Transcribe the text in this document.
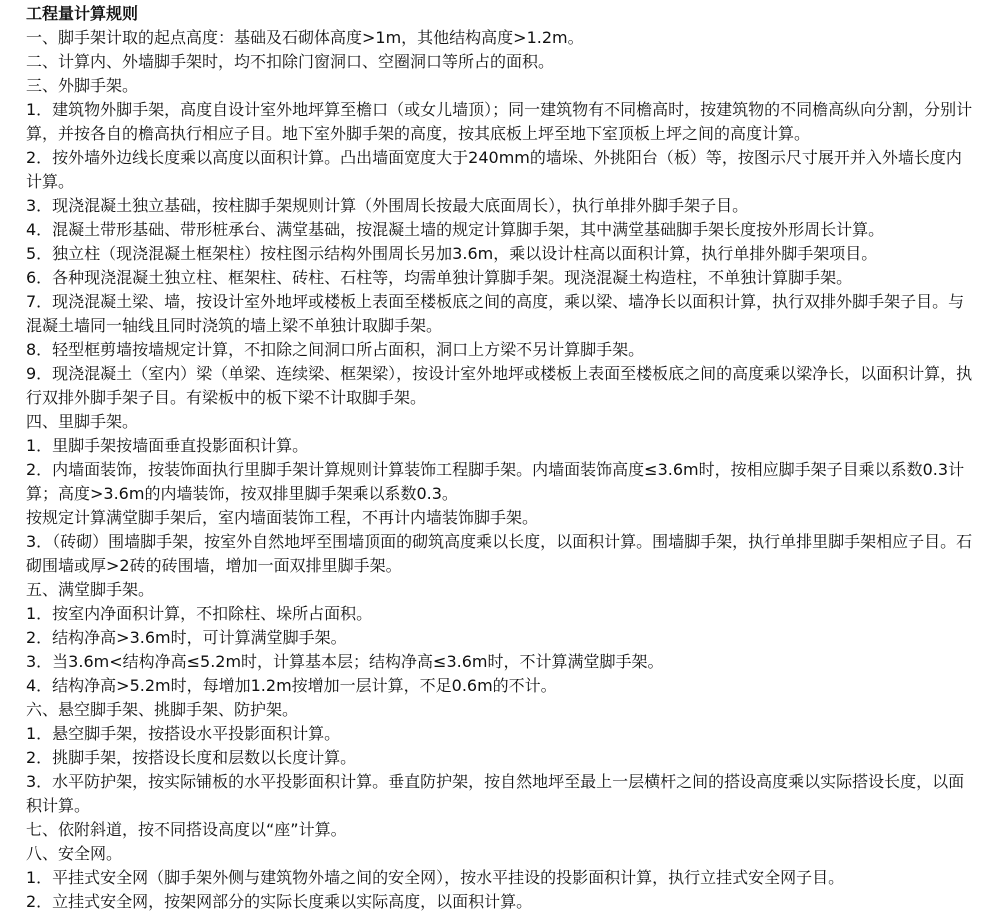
工程量计算规则

一、脚手架计取的起点高度：基础及石砌体高度>1m，其他结构高度>1.2m。

二、计算内、外墙脚手架时，均不扣除门窗洞口、空圈洞口等所占的面积。

三、外脚手架。

1．建筑物外脚手架，高度自设计室外地坪算至檐口（或女儿墙顶）；同一建筑物有不同檐高时，按建筑物的不同檐高纵向分割，分别计算，并按各自的檐高执行相应子目。地下室外脚手架的高度，按其底板上坪至地下室顶板上坪之间的高度计算。

2．按外墙外边线长度乘以高度以面积计算。凸出墙面宽度大于240mm的墙垛、外挑阳台（板）等，按图示尺寸展开并入外墙长度内计算。

3．现浇混凝土独立基础，按柱脚手架规则计算（外围周长按最大底面周长），执行单排外脚手架子目。

4．混凝土带形基础、带形桩承台、满堂基础，按混凝土墙的规定计算脚手架，其中满堂基础脚手架长度按外形周长计算。

5．独立柱（现浇混凝土框架柱）按柱图示结构外围周长另加3.6m，乘以设计柱高以面积计算，执行单排外脚手架项目。

6．各种现浇混凝土独立柱、框架柱、砖柱、石柱等，均需单独计算脚手架。现浇混凝土构造柱，不单独计算脚手架。

7．现浇混凝土梁、墙，按设计室外地坪或楼板上表面至楼板底之间的高度，乘以梁、墙净长以面积计算，执行双排外脚手架子目。与混凝土墙同一轴线且同时浇筑的墙上梁不单独计取脚手架。

8．轻型框剪墙按墙规定计算，不扣除之间洞口所占面积，洞口上方梁不另计算脚手架。

9．现浇混凝土（室内）梁（单梁、连续梁、框架梁），按设计室外地坪或楼板上表面至楼板底之间的高度乘以梁净长，以面积计算，执行双排外脚手架子目。有梁板中的板下梁不计取脚手架。

四、里脚手架。

1．里脚手架按墙面垂直投影面积计算。

2．内墙面装饰，按装饰面执行里脚手架计算规则计算装饰工程脚手架。内墙面装饰高度≤3.6m时，按相应脚手架子目乘以系数0.3计算；高度>3.6m的内墙装饰，按双排里脚手架乘以系数0.3。

按规定计算满堂脚手架后，室内墙面装饰工程，不再计内墙装饰脚手架。

3．（砖砌）围墙脚手架，按室外自然地坪至围墙顶面的砌筑高度乘以长度，以面积计算。围墙脚手架，执行单排里脚手架相应子目。石砌围墙或厚>2砖的砖围墙，增加一面双排里脚手架。

五、满堂脚手架。

1．按室内净面积计算，不扣除柱、垛所占面积。

2．结构净高>3.6m时，可计算满堂脚手架。

3．当3.6m<结构净高≤5.2m时，计算基本层；结构净高≤3.6m时，不计算满堂脚手架。

4．结构净高>5.2m时，每增加1.2m按增加一层计算，不足0.6m的不计。

六、悬空脚手架、挑脚手架、防护架。

1．悬空脚手架，按搭设水平投影面积计算。

2．挑脚手架，按搭设长度和层数以长度计算。

3．水平防护架，按实际铺板的水平投影面积计算。垂直防护架，按自然地坪至最上一层横杆之间的搭设高度乘以实际搭设长度，以面积计算。

七、依附斜道，按不同搭设高度以“座”计算。

八、安全网。

1．平挂式安全网（脚手架外侧与建筑物外墙之间的安全网），按水平挂设的投影面积计算，执行立挂式安全网子目。

2．立挂式安全网，按架网部分的实际长度乘以实际高度，以面积计算。
